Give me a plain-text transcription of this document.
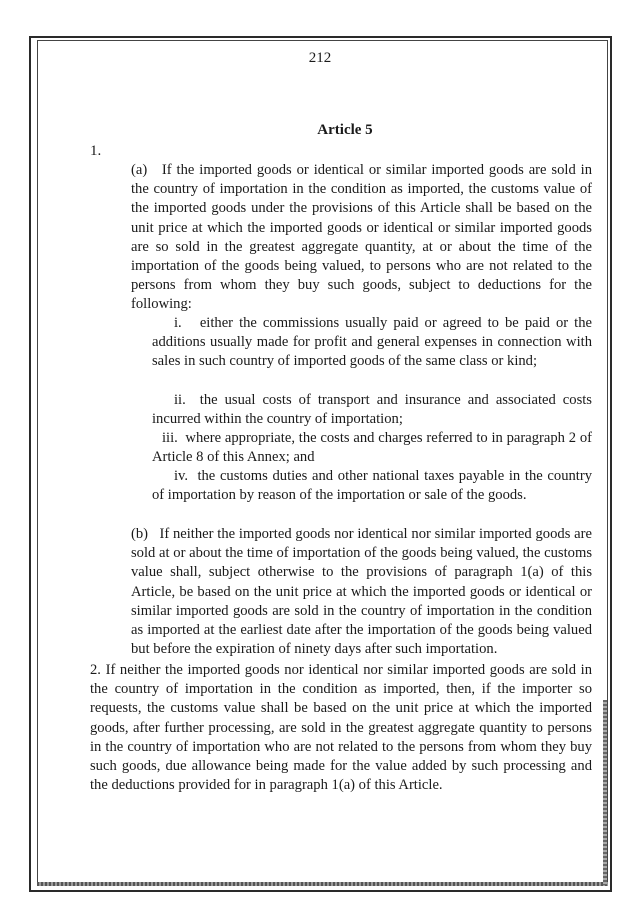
212
Article 5
1.

(a) If the imported goods or identical or similar imported goods are sold in the country of importation in the condition as imported, the customs value of the imported goods under the provisions of this Article shall be based on the unit price at which the imported goods or identical or similar imported goods are so sold in the greatest aggregate quantity, at or about the time of the importation of the goods being valued, to persons who are not related to the persons from whom they buy such goods, subject to deductions for the following:

i. either the commissions usually paid or agreed to be paid or the additions usually made for profit and general expenses in connection with sales in such country of imported goods of the same class or kind;

ii. the usual costs of transport and insurance and associated costs incurred within the country of importation;

iii. where appropriate, the costs and charges referred to in paragraph 2 of Article 8 of this Annex; and

iv. the customs duties and other national taxes payable in the country of importation by reason of the importation or sale of the goods.

(b) If neither the imported goods nor identical nor similar imported goods are sold at or about the time of importation of the goods being valued, the customs value shall, subject otherwise to the provisions of paragraph 1(a) of this Article, be based on the unit price at which the imported goods or identical or similar imported goods are sold in the country of importation in the condition as imported at the earliest date after the importation of the goods being valued but before the expiration of ninety days after such importation.

2. If neither the imported goods nor identical nor similar imported goods are sold in the country of importation in the condition as imported, then, if the importer so requests, the customs value shall be based on the unit price at which the imported goods, after further processing, are sold in the greatest aggregate quantity to persons in the country of importation who are not related to the persons from whom they buy such goods, due allowance being made for the value added by such processing and the deductions provided for in paragraph 1(a) of this Article.
